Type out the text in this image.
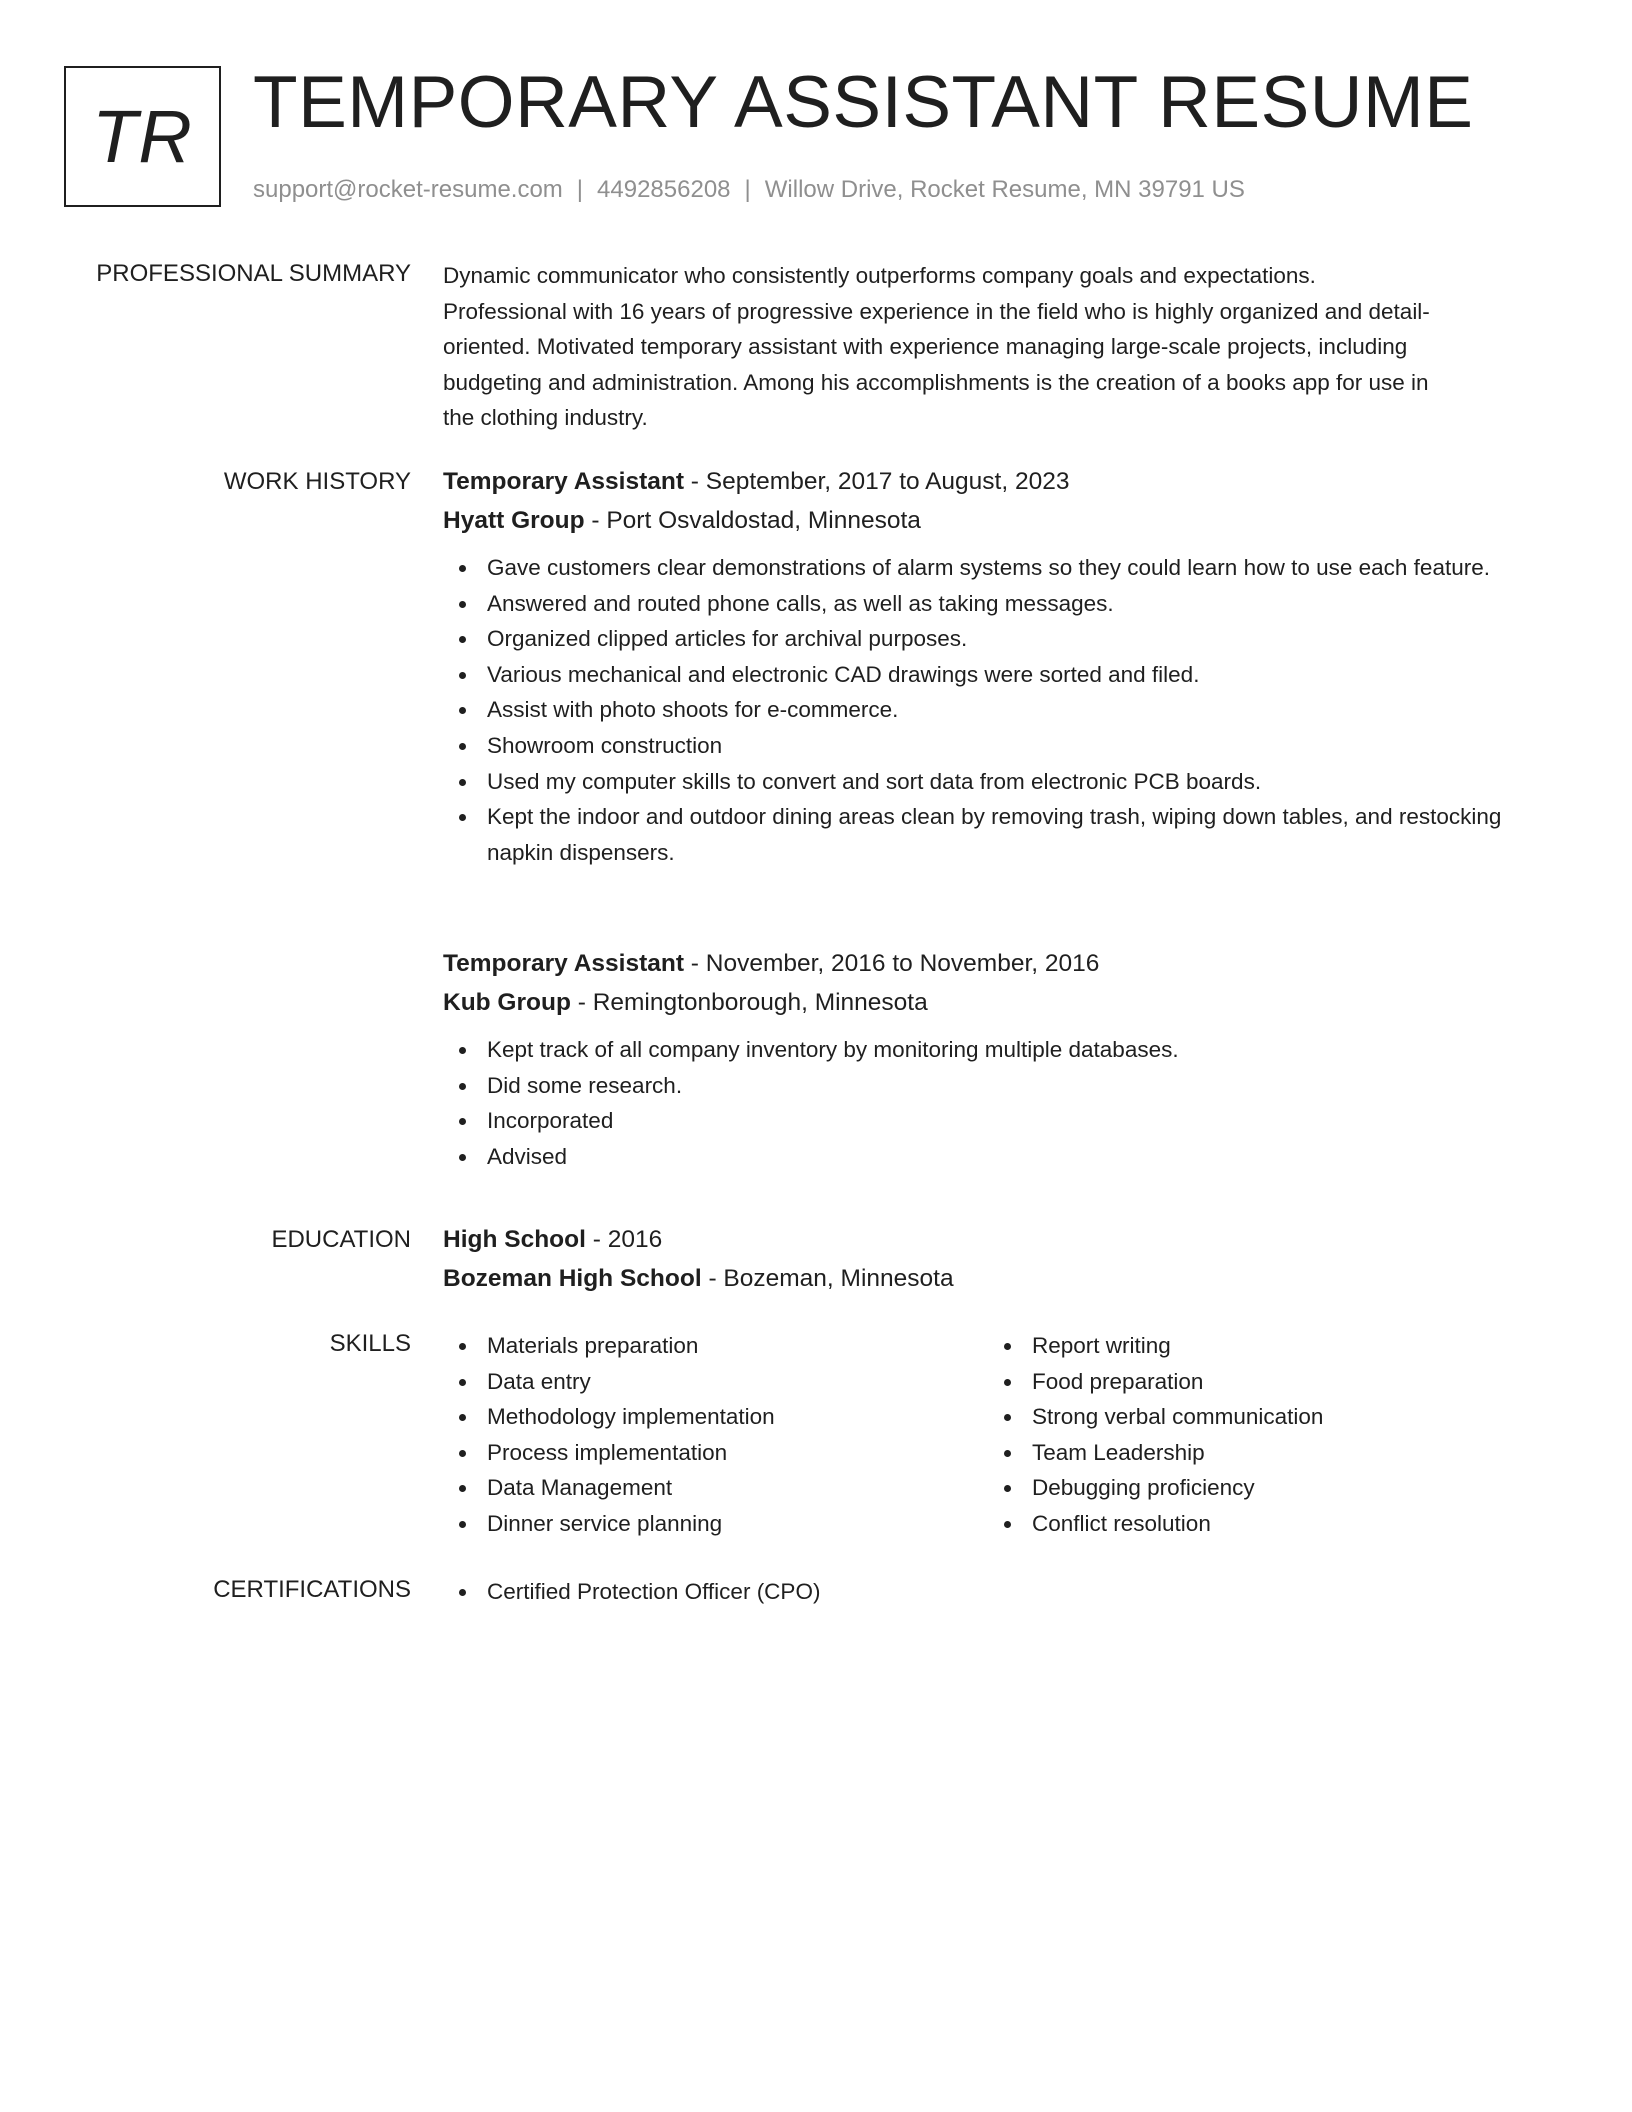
TR TEMPORARY ASSISTANT RESUME
support@rocket-resume.com | 4492856208 | Willow Drive, Rocket Resume, MN 39791 US
PROFESSIONAL SUMMARY Dynamic communicator who consistently outperforms company goals and expectations.

Professional with 16 years of progressive experience in the field who is highly organized and detail-

oriented. Motivated temporary assistant with experience managing large-scale projects, including

budgeting and administration. Among his accomplishments is the creation of a books app for use in

the clothing industry.

WORK HISTORY Temporary Assistant - September, 2017 to August, 2023
Hyatt Group - Port Osvaldostad, Minnesota
Gave customers clear demonstrations of alarm systems so they could learn how to use each feature.
Answered and routed phone calls, as well as taking messages.
Organized clipped articles for archival purposes.
Various mechanical and electronic CAD drawings were sorted and filed.
Assist with photo shoots for e-commerce.
Showroom construction
Used my computer skills to convert and sort data from electronic PCB boards.
Kept the indoor and outdoor dining areas clean by removing trash, wiping down tables, and restocking napkin dispensers.
Temporary Assistant - November, 2016 to November, 2016
Kub Group - Remingtonborough, Minnesota
Kept track of all company inventory by monitoring multiple databases.
Did some research.
Incorporated
Advised
EDUCATION High School - 2016
Bozeman High School - Bozeman, Minnesota
SKILLS	Materials preparation
Data entry
Methodology implementation
Process implementation
Data Management
Dinner service planning
Report writing
Food preparation
Strong verbal communication
Team Leadership
Debugging proficiency
Conflict resolution
CERTIFICATIONS	Certified Protection Officer (CPO)
